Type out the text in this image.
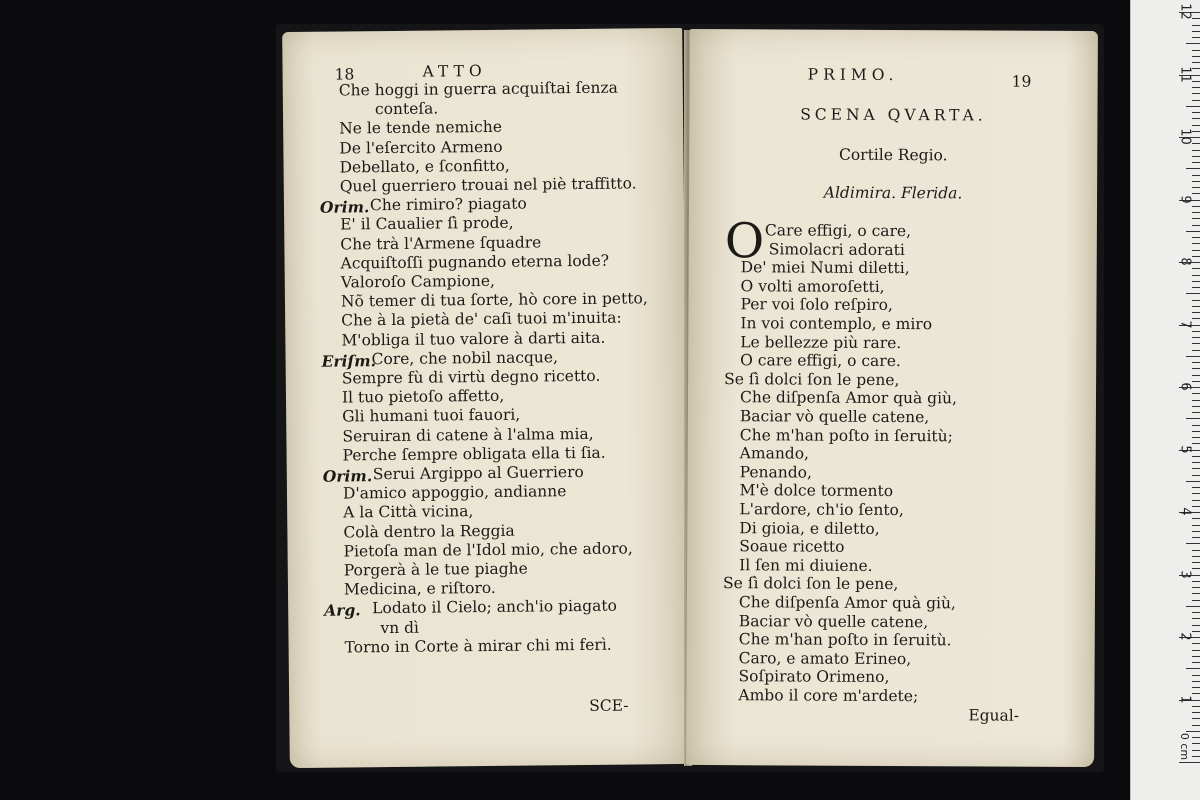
18	ATTO
Che hoggi in guerra acquiſtai ſenza
conteſa.
Ne le tende nemiche
De l'eſercito Armeno
Debellato, e ſconfitto,
Quel guerriero trouai nel piè traffitto.
Orim. Che rimiro? piagato
E' il Caualier ſì prode,
Che trà l'Armene ſquadre
Acquiſtoſſi pugnando eterna lode?
Valoroſo Campione,
Nõ temer di tua ſorte, hò core in petto,
Che à la pietà de' caſi tuoi m'inuita:
M'obliga il tuo valore à darti aita.
Eriſm.
Core, che nobil nacque,
Sempre fù di virtù degno ricetto.
Il tuo pietoſo affetto,
Gli humani tuoi fauori,
Seruiran di catene à l'alma mia,
Perche ſempre obligata ella ti ſia.
Orim. Serui Argippo al Guerriero
D'amico appoggio, andianne
A la Città vicina,
Colà dentro la Reggia
Pietoſa man de l'Idol mio, che adoro,
Porgerà à le tue piaghe
Medicina, e riſtoro.
Arg. Lodato il Cielo; anch'io piagato
vn dì
Torno in Corte à mirar chi mi ferì.
SCE-
PRIMO.	19
SCENA QVARTA.
Cortile Regio.
Aldimira. Flerida.
O Care effigi, o care,
Simolacri adorati
De' miei Numi diletti,
O volti amoroſetti,
Per voi ſolo reſpiro,
In voi contemplo, e miro
Le bellezze più rare.
O care effigi, o care.
Se ſì dolci ſon le pene,
Che diſpenſa Amor quà giù,
Baciar vò quelle catene,
Che m'han poſto in ſeruitù;
Amando,
Penando,
M'è dolce tormento
L'ardore, ch'io ſento,
Di gioia, e diletto,
Soaue ricetto
Il ſen mi diuiene.
Se ſì dolci ſon le pene,
Che diſpenſa Amor quà giù,
Baciar vò quelle catene,
Che m'han poſto in ſeruitù.
Caro, e amato Erineo,
Soſpirato Orimeno,
Ambo il core m'ardete;
Egual-
1
2
3
4
5
6
7
8
9
10
11
12
0 cm
